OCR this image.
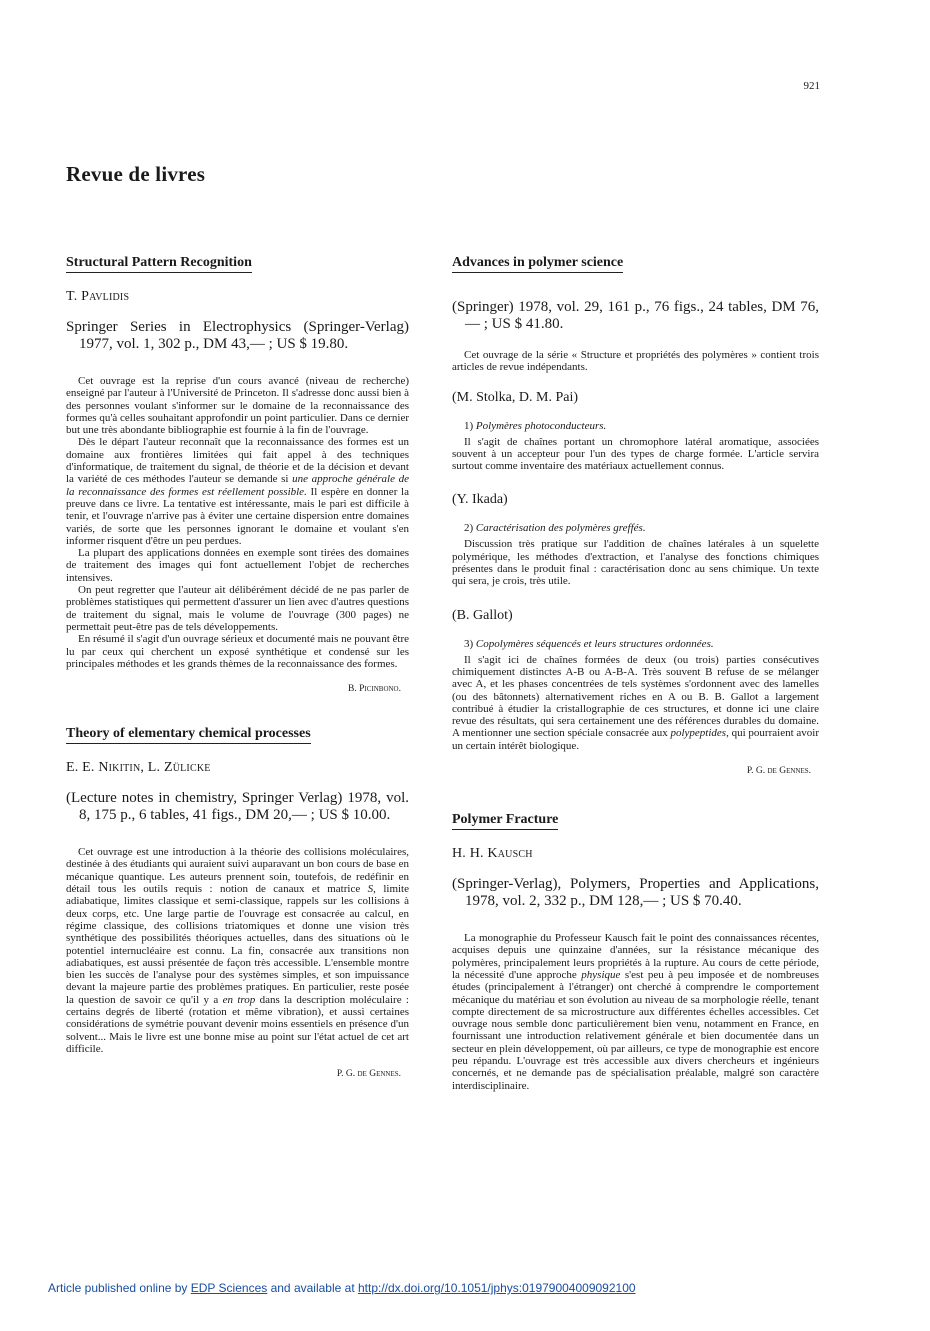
921
Revue de livres
Structural Pattern Recognition
T. Pavlidis
Springer Series in Electrophysics (Springer-Verlag) 1977, vol. 1, 302 p., DM 43,— ; US $ 19.80.

Cet ouvrage est la reprise d'un cours avancé (niveau de recherche) enseigné par l'auteur à l'Université de Princeton. Il s'adresse donc aussi bien à des personnes voulant s'informer sur le domaine de la reconnaissance des formes qu'à celles souhaitant approfondir un point particulier. Dans ce dernier but une très abondante bibliographie est fournie à la fin de l'ouvrage.

Dès le départ l'auteur reconnaît que la reconnaissance des formes est un domaine aux frontières limitées qui fait appel à des techniques d'informatique, de traitement du signal, de théorie et de la décision et devant la variété de ces méthodes l'auteur se demande si une approche générale de la reconnaissance des formes est réellement possible. Il espère en donner la preuve dans ce livre. La tentative est intéressante, mais le pari est difficile à tenir, et l'ouvrage n'arrive pas à éviter une certaine dispersion entre domaines variés, de sorte que les personnes ignorant le domaine et voulant s'en informer risquent d'être un peu perdues.

La plupart des applications données en exemple sont tirées des domaines de traitement des images qui font actuellement l'objet de recherches intensives.

On peut regretter que l'auteur ait délibérément décidé de ne pas parler de problèmes statistiques qui permettent d'assurer un lien avec d'autres questions de traitement du signal, mais le volume de l'ouvrage (300 pages) ne permettait peut-être pas de tels développements.

En résumé il s'agit d'un ouvrage sérieux et documenté mais ne pouvant être lu par ceux qui cherchent un exposé synthétique et condensé sur les principales méthodes et les grands thèmes de la reconnaissance des formes.

B. Picinbono.
Theory of elementary chemical processes
E. E. Nikitin, L. Zülicke
(Lecture notes in chemistry, Springer Verlag) 1978, vol. 8, 175 p., 6 tables, 41 figs., DM 20,— ; US $ 10.00.

Cet ouvrage est une introduction à la théorie des collisions moléculaires, destinée à des étudiants qui auraient suivi auparavant un bon cours de base en mécanique quantique. Les auteurs prennent soin, toutefois, de redéfinir en détail tous les outils requis : notion de canaux et matrice S, limite adiabatique, limites classique et semi-classique, rappels sur les collisions à deux corps, etc. Une large partie de l'ouvrage est consacrée au calcul, en régime classique, des collisions triatomiques et donne une vision très synthétique des possibilités théoriques actuelles, dans des situations où le potentiel internucléaire est connu. La fin, consacrée aux transitions non adiabatiques, est aussi présentée de façon très accessible. L'ensemble montre bien les succès de l'analyse pour des systèmes simples, et son impuissance devant la majeure partie des problèmes pratiques. En particulier, reste posée la question de savoir ce qu'il y a en trop dans la description moléculaire : certains degrés de liberté (rotation et même vibration), et aussi certaines considérations de symétrie pouvant devenir moins essentiels en présence d'un solvent... Mais le livre est une bonne mise au point sur l'état actuel de cet art difficile.

P. G. de Gennes.
Advances in polymer science
(Springer) 1978, vol. 29, 161 p., 76 figs., 24 tables, DM 76,— ; US $ 41.80.

Cet ouvrage de la série « Structure et propriétés des polymères » contient trois articles de revue indépendants.

(M. Stolka, D. M. Pai)
1) Polymères photoconducteurs.

Il s'agit de chaînes portant un chromophore latéral aromatique, associées souvent à un accepteur pour l'un des types de charge formée. L'article servira surtout comme inventaire des matériaux actuellement connus.

(Y. Ikada)
2) Caractérisation des polymères greffés.

Discussion très pratique sur l'addition de chaînes latérales à un squelette polymérique, les méthodes d'extraction, et l'analyse des fonctions chimiques présentes dans le produit final : caractérisation donc au sens chimique. Un texte qui sera, je crois, très utile.

(B. Gallot)
3) Copolymères séquencés et leurs structures ordonnées.

Il s'agit ici de chaînes formées de deux (ou trois) parties consécutives chimiquement distinctes A-B ou A-B-A. Très souvent B refuse de se mélanger avec A, et les phases concentrées de tels systèmes s'ordonnent avec des lamelles (ou des bâtonnets) alternativement riches en A ou B. B. Gallot a largement contribué à étudier la cristallographie de ces structures, et donne ici une claire revue des résultats, qui sera certainement une des références durables du domaine. A mentionner une section spéciale consacrée aux polypeptides, qui pourraient avoir un certain intérêt biologique.

P. G. de Gennes.
Polymer Fracture
H. H. Kausch
(Springer-Verlag), Polymers, Properties and Applications, 1978, vol. 2, 332 p., DM 128,— ; US $ 70.40.

La monographie du Professeur Kausch fait le point des connaissances récentes, acquises depuis une quinzaine d'années, sur la résistance mécanique des polymères, principalement leurs propriétés à la rupture. Au cours de cette période, la nécessité d'une approche physique s'est peu à peu imposée et de nombreuses études (principalement à l'étranger) ont cherché à comprendre le comportement mécanique du matériau et son évolution au niveau de sa morphologie réelle, tenant compte directement de sa microstructure aux différentes échelles accessibles. Cet ouvrage nous semble donc particulièrement bien venu, notamment en France, en fournissant une introduction relativement générale et bien documentée dans un secteur en plein développement, où par ailleurs, ce type de monographie est encore peu répandu. L'ouvrage est très accessible aux divers chercheurs et ingénieurs concernés, et ne demande pas de spécialisation préalable, malgré son caractère interdisciplinaire.

Article published online by EDP Sciences and available at http://dx.doi.org/10.1051/jphys:01979004009092100
